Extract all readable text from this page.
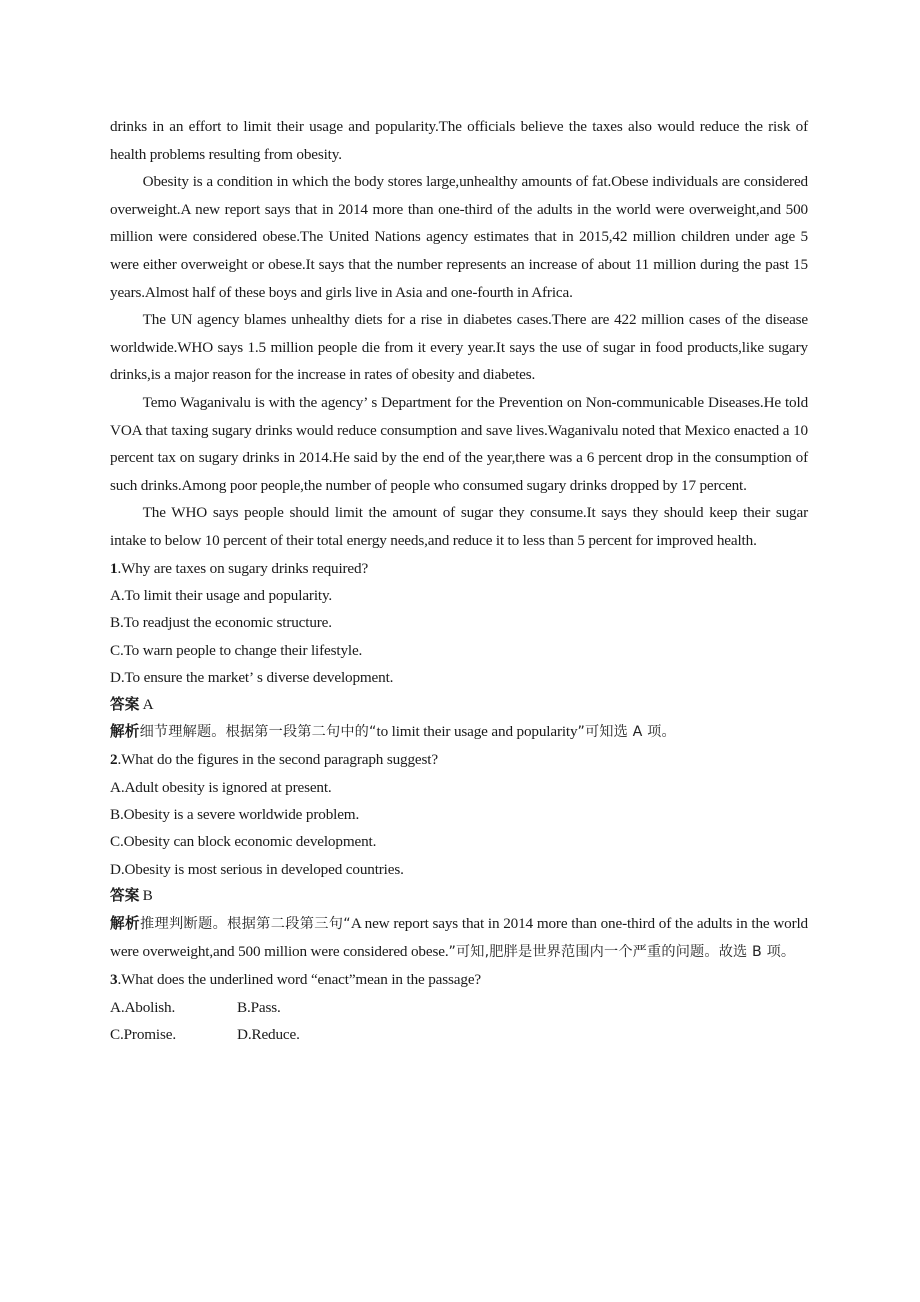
drinks in an effort to limit their usage and popularity.The officials believe the taxes also would reduce the risk of health problems resulting from obesity.

Obesity is a condition in which the body stores large,unhealthy amounts of fat.Obese individuals are considered overweight.A new report says that in 2014 more than one-third of the adults in the world were overweight,and 500 million were considered obese.The United Nations agency estimates that in 2015,42 million children under age 5 were either overweight or obese.It says that the number represents an increase of about 11 million during the past 15 years.Almost half of these boys and girls live in Asia and one-fourth in Africa.

The UN agency blames unhealthy diets for a rise in diabetes cases.There are 422 million cases of the disease worldwide.WHO says 1.5 million people die from it every year.It says the use of sugar in food products,like sugary drinks,is a major reason for the increase in rates of obesity and diabetes.

Temo Waganivalu is with the agency’ s Department for the Prevention on Non-communicable Diseases.He told VOA that taxing sugary drinks would reduce consumption and save lives.Waganivalu noted that Mexico enacted a 10 percent tax on sugary drinks in 2014.He said by the end of the year,there was a 6 percent drop in the consumption of such drinks.Among poor people,the number of people who consumed sugary drinks dropped by 17 percent.

The WHO says people should limit the amount of sugar they consume.It says they should keep their sugar intake to below 10 percent of their total energy needs,and reduce it to less than 5 percent for improved health.

1.Why are taxes on sugary drinks required?

A.To limit their usage and popularity.

B.To readjust the economic structure.

C.To warn people to change their lifestyle.

D.To ensure the market’ s diverse development.

答案 A

解析细节理解题。根据第一段第二句中的“to limit their usage and popularity”可知选 A 项。

2.What do the figures in the second paragraph suggest?

A.Adult obesity is ignored at present.

B.Obesity is a severe worldwide problem.

C.Obesity can block economic development.

D.Obesity is most serious in developed countries.

答案 B

解析推理判断题。根据第二段第三句“A new report says that in 2014 more than one-third of the adults in the world were overweight,and 500 million were considered obese.”可知,肥胖是世界范围内一个严重的问题。故选 B 项。

3.What does the underlined word “enact”mean in the passage?

A.Abolish.	B.Pass.
C.Promise.	D.Reduce.
